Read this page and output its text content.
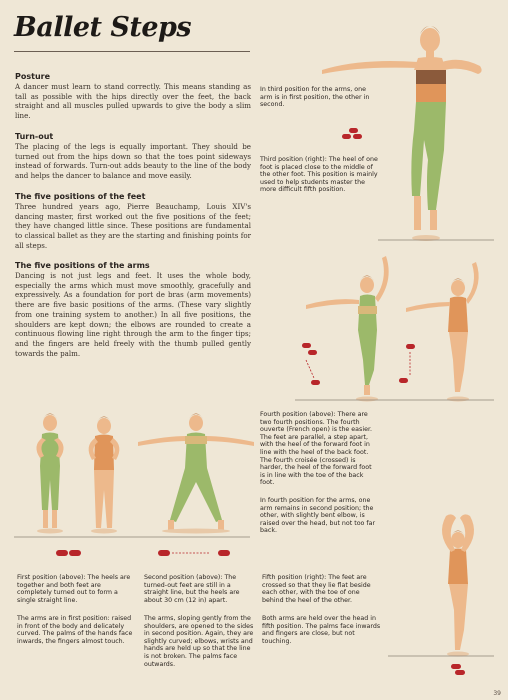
Ballet Steps
Posture
A dancer must learn to stand correctly. This means standing as tall as possible with the hips directly over the feet, the back straight and all muscles pulled upwards to give the body a slim line.
Turn-out
The placing of the legs is equally important. They should be turned out from the hips down so that the toes point sideways instead of forwards. Turn-out adds beauty to the line of the body and helps the dancer to balance and move easily.
The five positions of the feet
Three hundred years ago, Pierre Beauchamp, Louis XIV's dancing master, first worked out the five positions of the feet; they have changed little since. These positions are fundamental to classical ballet as they are the starting and finishing points for all steps.
The five positions of the arms
Dancing is not just legs and feet. It uses the whole body, especially the arms which must move smoothly, gracefully and expressively. As a foundation for port de bras (arm movements) there are five basic positions of the arms. (These vary slightly from one training system to another.) In all five positions, the shoulders are kept down; the elbows are rounded to create a continuous flowing line right through the arm to the finger tips; and the fingers are held freely with the thumb pulled gently towards the palm.
In third position for the arms, one arm is in first position, the other in second.
Third position (right): The heel of one foot is placed close to the middle of the other foot. This position is mainly used to help students master the more difficult fifth position.
Fourth position (above): There are two fourth positions. The fourth ouverte (French open) is the easier. The feet are parallel, a step apart, with the heel of the forward foot in line with the heel of the back foot. The fourth croisée (crossed) is harder, the heel of the forward foot is in line with the toe of the back foot.
In fourth position for the arms, one arm remains in second position; the other, with slightly bent elbow, is raised over the head, but not too far back.
First position (above): The heels are together and both feet are completely turned out to form a single straight line.
Second position (above): The turned-out feet are still in a straight line, but the heels are about 30 cm (12 in) apart.
Fifth position (right): The feet are crossed so that they lie flat beside each other, with the toe of one behind the heel of the other.
The arms are in first position: raised in front of the body and delicately curved. The palms of the hands face inwards, the fingers almost touch.
The arms, sloping gently from the shoulders, are opened to the sides in second position. Again, they are slightly curved; elbows, wrists and hands are held up so that the line is not broken. The palms face outwards.
Both arms are held over the head in fifth position. The palms face inwards and fingers are close, but not touching.
39
